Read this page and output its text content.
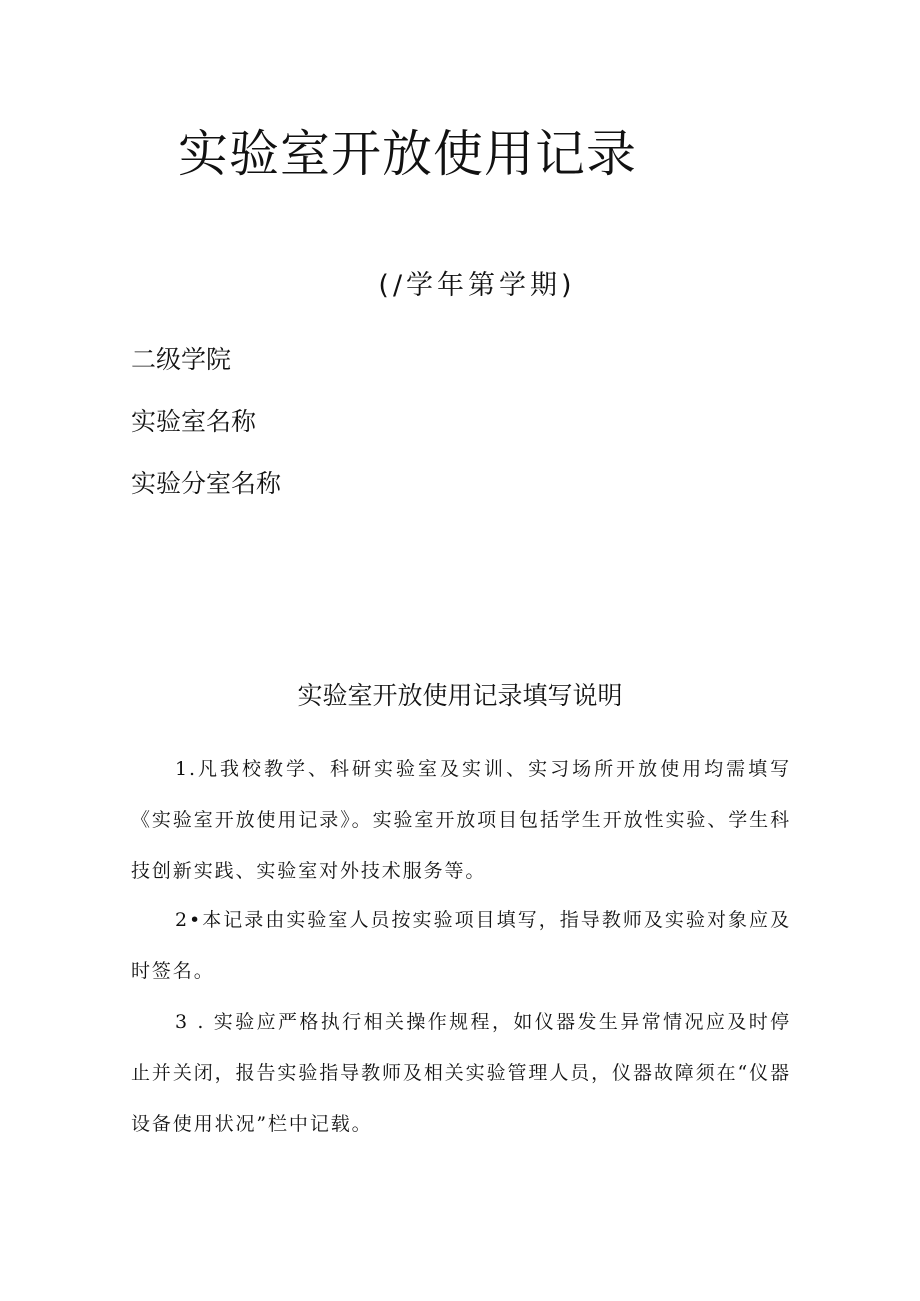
实验室开放使用记录
(/学年第学期)
二级学院
实验室名称
实验分室名称
实验室开放使用记录填写说明

1.凡我校教学、科研实验室及实训、实习场所开放使用均需填写《实验室开放使用记录》。实验室开放项目包括学生开放性实验、学生科技创新实践、实验室对外技术服务等。

2•本记录由实验室人员按实验项目填写，指导教师及实验对象应及时签名。

3 . 实验应严格执行相关操作规程，如仪器发生异常情况应及时停止并关闭，报告实验指导教师及相关实验管理人员，仪器故障须在“仪器设备使用状况”栏中记载。
